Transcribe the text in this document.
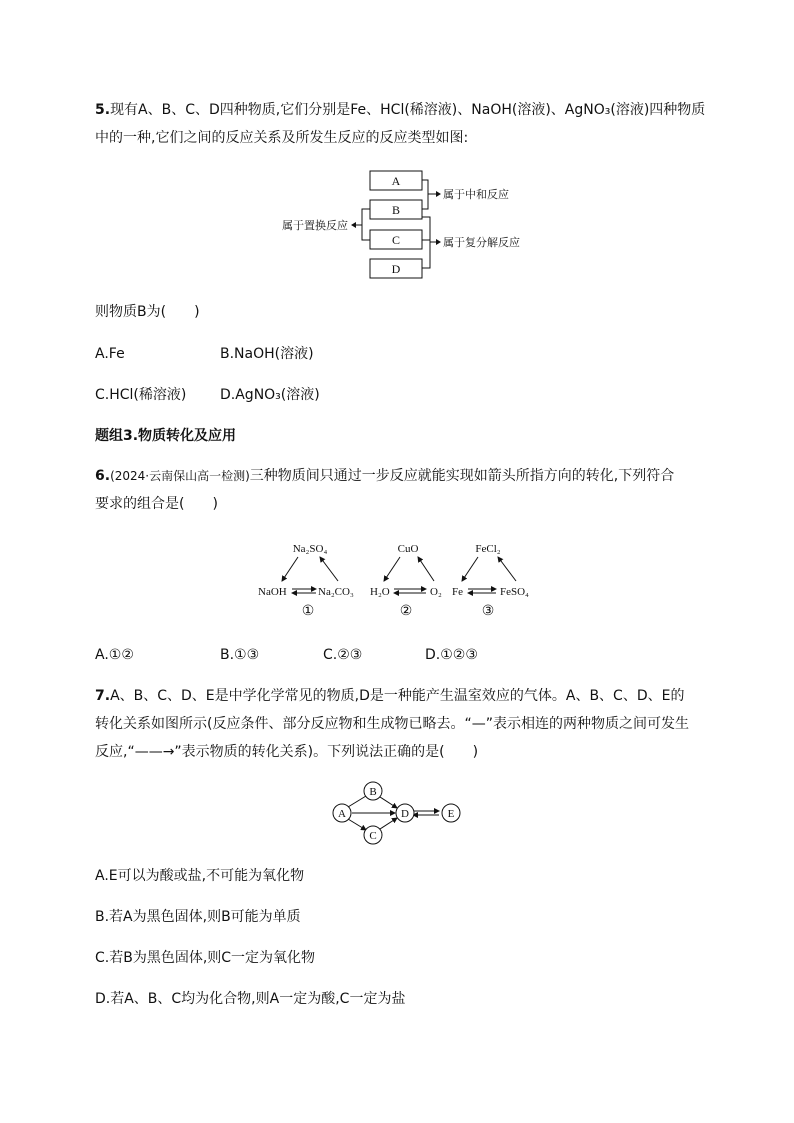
5.现有A、B、C、D四种物质,它们分别是Fe、HCl(稀溶液)、NaOH(溶液)、AgNO₃(溶液)四种物质
中的一种,它们之间的反应关系及所发生反应的反应类型如图:
A
B
C
D
属于中和反应
属于复分解反应
属于置换反应
则物质B为(　　)
A.Fe	B.NaOH(溶液)
C.HCl(稀溶液) D.AgNO₃(溶液)
题组3.物质转化及应用
6.(2024·云南保山高一检测)三种物质间只通过一步反应就能实现如箭头所指方向的转化,下列符合
要求的组合是(　　)
Na₂SO₄
NaOH	Na₂CO₃
①
CuO
H₂O	O₂
②
FeCl₂
Fe	FeSO₄
③
A.①②	B.①③	C.②③	D.①②③
7.A、B、C、D、E是中学化学常见的物质,D是一种能产生温室效应的气体。A、B、C、D、E的
转化关系如图所示(反应条件、部分反应物和生成物已略去。“—”表示相连的两种物质之间可发生
反应,“——→”表示物质的转化关系)。下列说法正确的是(　　)
A
B
C
D	E
A.E可以为酸或盐,不可能为氧化物
B.若A为黑色固体,则B可能为单质
C.若B为黑色固体,则C一定为氧化物
D.若A、B、C均为化合物,则A一定为酸,C一定为盐
